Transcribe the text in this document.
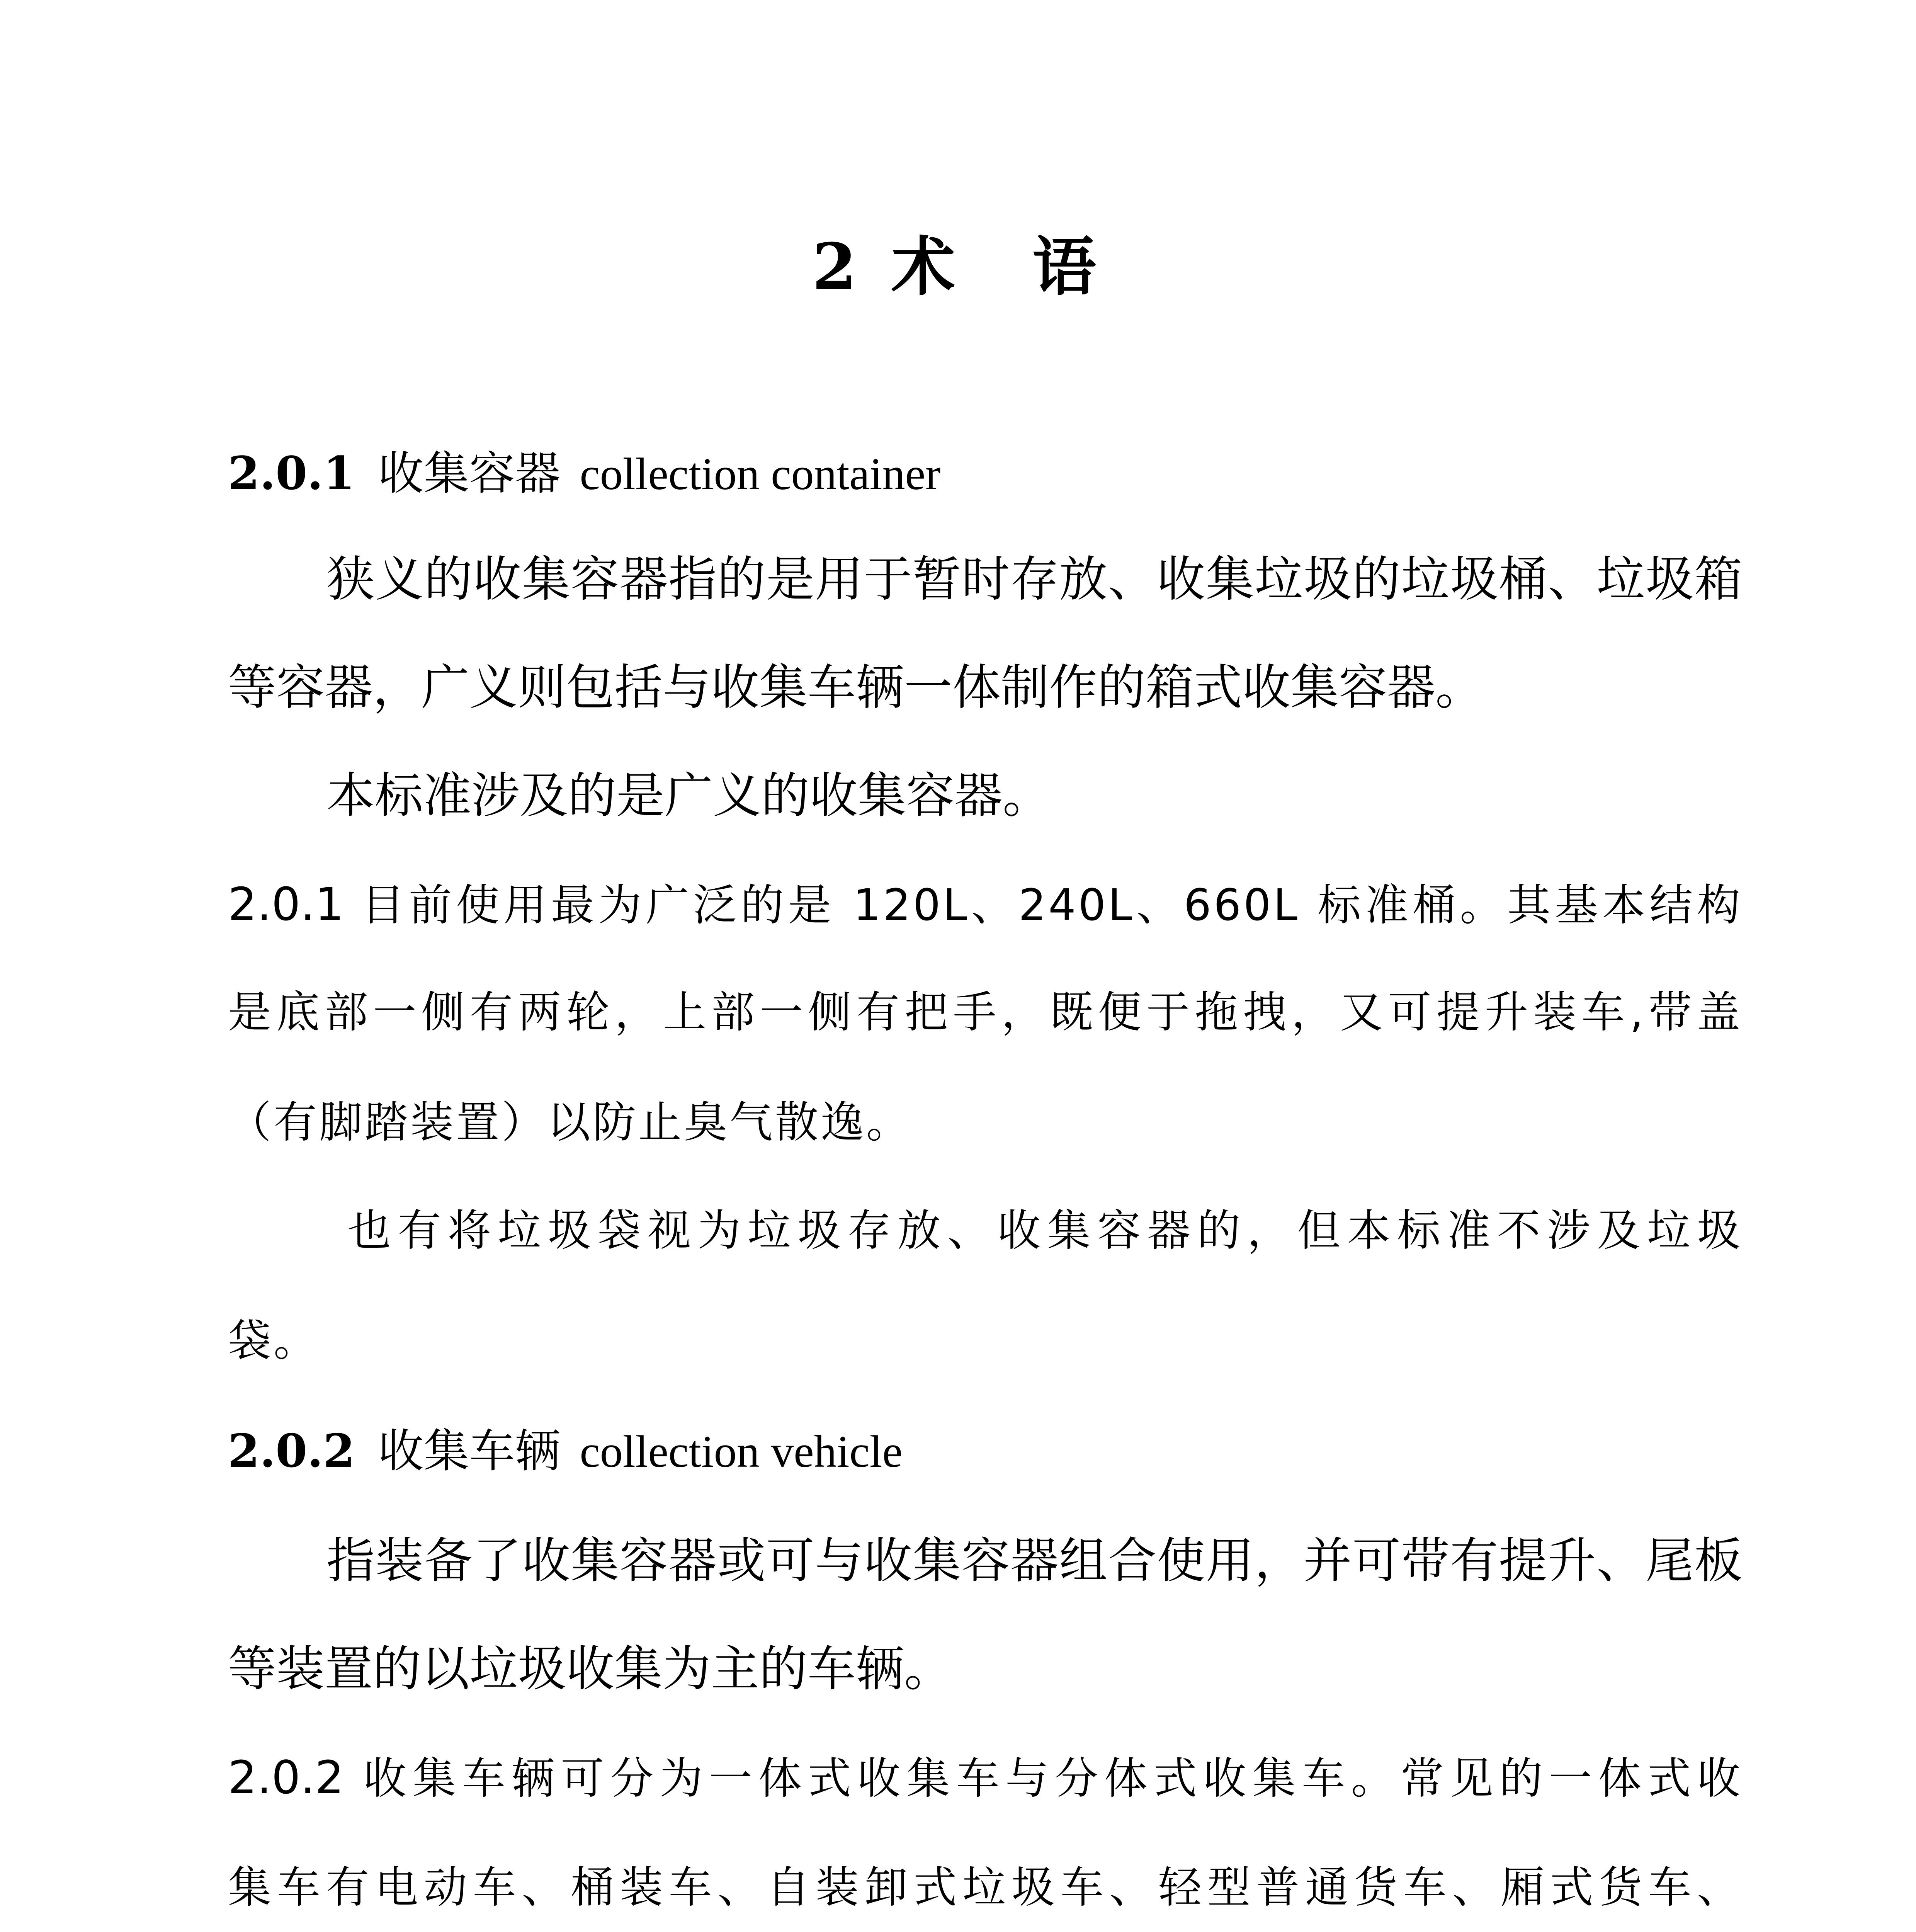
2 术 语
2.0.1 收集容器 collection container
狭义的收集容器指的是用于暂时存放、收集垃圾的垃圾桶、垃圾箱
等容器，广义则包括与收集车辆一体制作的箱式收集容器。
本标准涉及的是广义的收集容器。
2.0.1 目前使用最为广泛的是 120L、240L、660L 标准桶。其基本结构
是底部一侧有两轮，上部一侧有把手，既便于拖拽，又可提升装车,带盖
（有脚踏装置）以防止臭气散逸。
也有将垃圾袋视为垃圾存放、收集容器的，但本标准不涉及垃圾
袋。
2.0.2 收集车辆 collection vehicle
指装备了收集容器或可与收集容器组合使用，并可带有提升、尾板
等装置的以垃圾收集为主的车辆。
2.0.2 收集车辆可分为一体式收集车与分体式收集车。常见的一体式收
集车有电动车、桶装车、自装卸式垃圾车、轻型普通货车、厢式货车、
